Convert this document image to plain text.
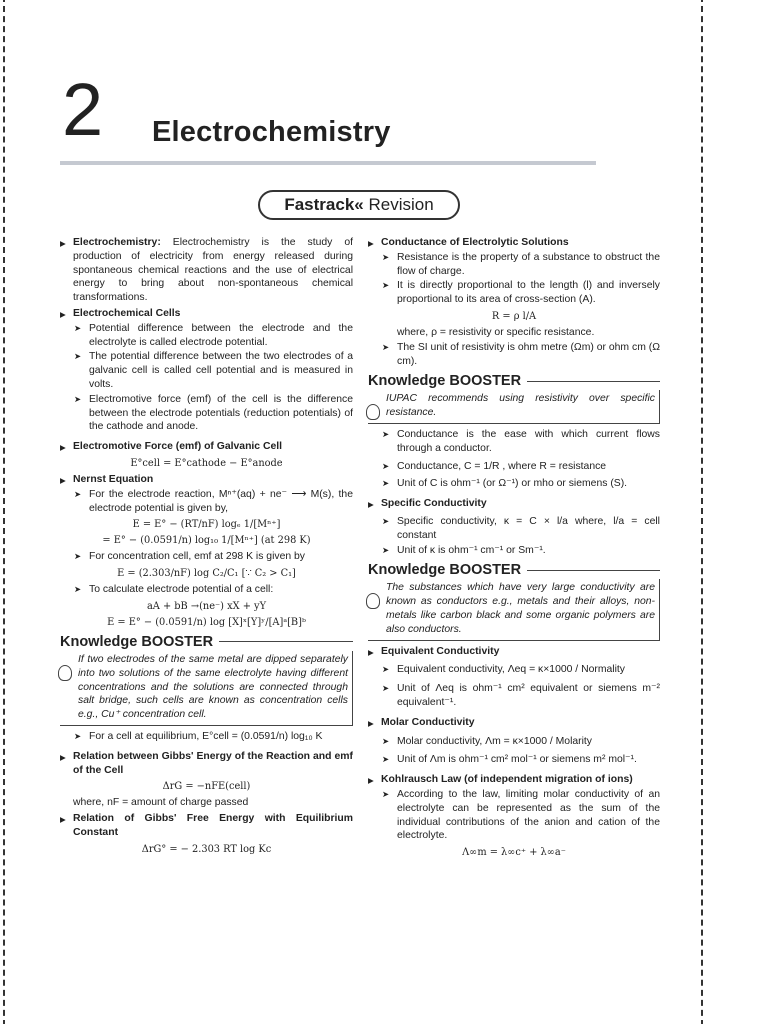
2 Electrochemistry
Fastrack« Revision
▶ Electrochemistry: Electrochemistry is the study of production of electricity from energy released during spontaneous chemical reactions and the use of electrical energy to bring about non-spontaneous chemical transformations.
▶ Electrochemical Cells
➤ Potential difference between the electrode and the electrolyte is called electrode potential.
➤ The potential difference between the two electrodes of a galvanic cell is called cell potential and is measured in volts.
➤ Electromotive force (emf) of the cell is the difference between the electrode potentials (reduction potentials) of the cathode and anode.
▶ Electromotive Force (emf) of Galvanic Cell
E°cell = E°cathode − E°anode
▶ Nernst Equation
➤ For the electrode reaction, Mⁿ⁺(aq) + ne⁻ ⟶ M(s), the electrode potential is given by,
E = E° − (RT/nF) logₑ 1/[Mⁿ⁺]
= E° − (0.0591/n) log₁₀ 1/[Mⁿ⁺] (at 298 K)
➤ For concentration cell, emf at 298 K is given by
E = (2.303/nF) log C₂/C₁ [∵ C₂ > C₁]
➤ To calculate electrode potential of a cell:
aA + bB →(ne⁻) xX + yY
E = E° − (0.0591/n) log [X]ˣ[Y]ʸ/[A]ᵃ[B]ᵇ
Knowledge BOOSTER
If two electrodes of the same metal are dipped separately into two solutions of the same electrolyte having different concentrations and the solutions are connected through salt bridge, such cells are known as concentration cells e.g., Cu⁺ concentration cell.
➤ For a cell at equilibrium, E°cell = (0.0591/n) log₁₀ K
▶ Relation between Gibbs' Energy of the Reaction and emf of the Cell
ΔrG = −nFE(cell)
where, nF = amount of charge passed
▶ Relation of Gibbs' Free Energy with Equilibrium Constant
ΔrG° = − 2.303 RT log Kc
▶ Conductance of Electrolytic Solutions
➤ Resistance is the property of a substance to obstruct the flow of charge.
➤ It is directly proportional to the length (l) and inversely proportional to its area of cross-section (A).
R = ρ l/A
where, ρ = resistivity or specific resistance.
➤ The SI unit of resistivity is ohm metre (Ωm) or ohm cm (Ω cm).
Knowledge BOOSTER
IUPAC recommends using resistivity over specific resistance.
➤ Conductance is the ease with which current flows through a conductor.
➤ Conductance, C = 1/R , where R = resistance
➤ Unit of C is ohm⁻¹ (or Ω⁻¹) or mho or siemens (S).
▶ Specific Conductivity
➤ Specific conductivity, κ = C × l/a where, l/a = cell constant
➤ Unit of κ is ohm⁻¹ cm⁻¹ or Sm⁻¹.
Knowledge BOOSTER
The substances which have very large conductivity are known as conductors e.g., metals and their alloys, non-metals like carbon black and some organic polymers are also conductors.
▶ Equivalent Conductivity
➤ Equivalent conductivity, Λeq = κ×1000 / Normality
➤ Unit of Λeq is ohm⁻¹ cm² equivalent or siemens m⁻² equivalent⁻¹.
▶ Molar Conductivity
➤ Molar conductivity, Λm = κ×1000 / Molarity
➤ Unit of Λm is ohm⁻¹ cm² mol⁻¹ or siemens m² mol⁻¹.
▶ Kohlrausch Law (of independent migration of ions)
➤ According to the law, limiting molar conductivity of an electrolyte can be represented as the sum of the individual contributions of the anion and cation of the electrolyte.
Λ∞m = λ∞c⁺ + λ∞a⁻
